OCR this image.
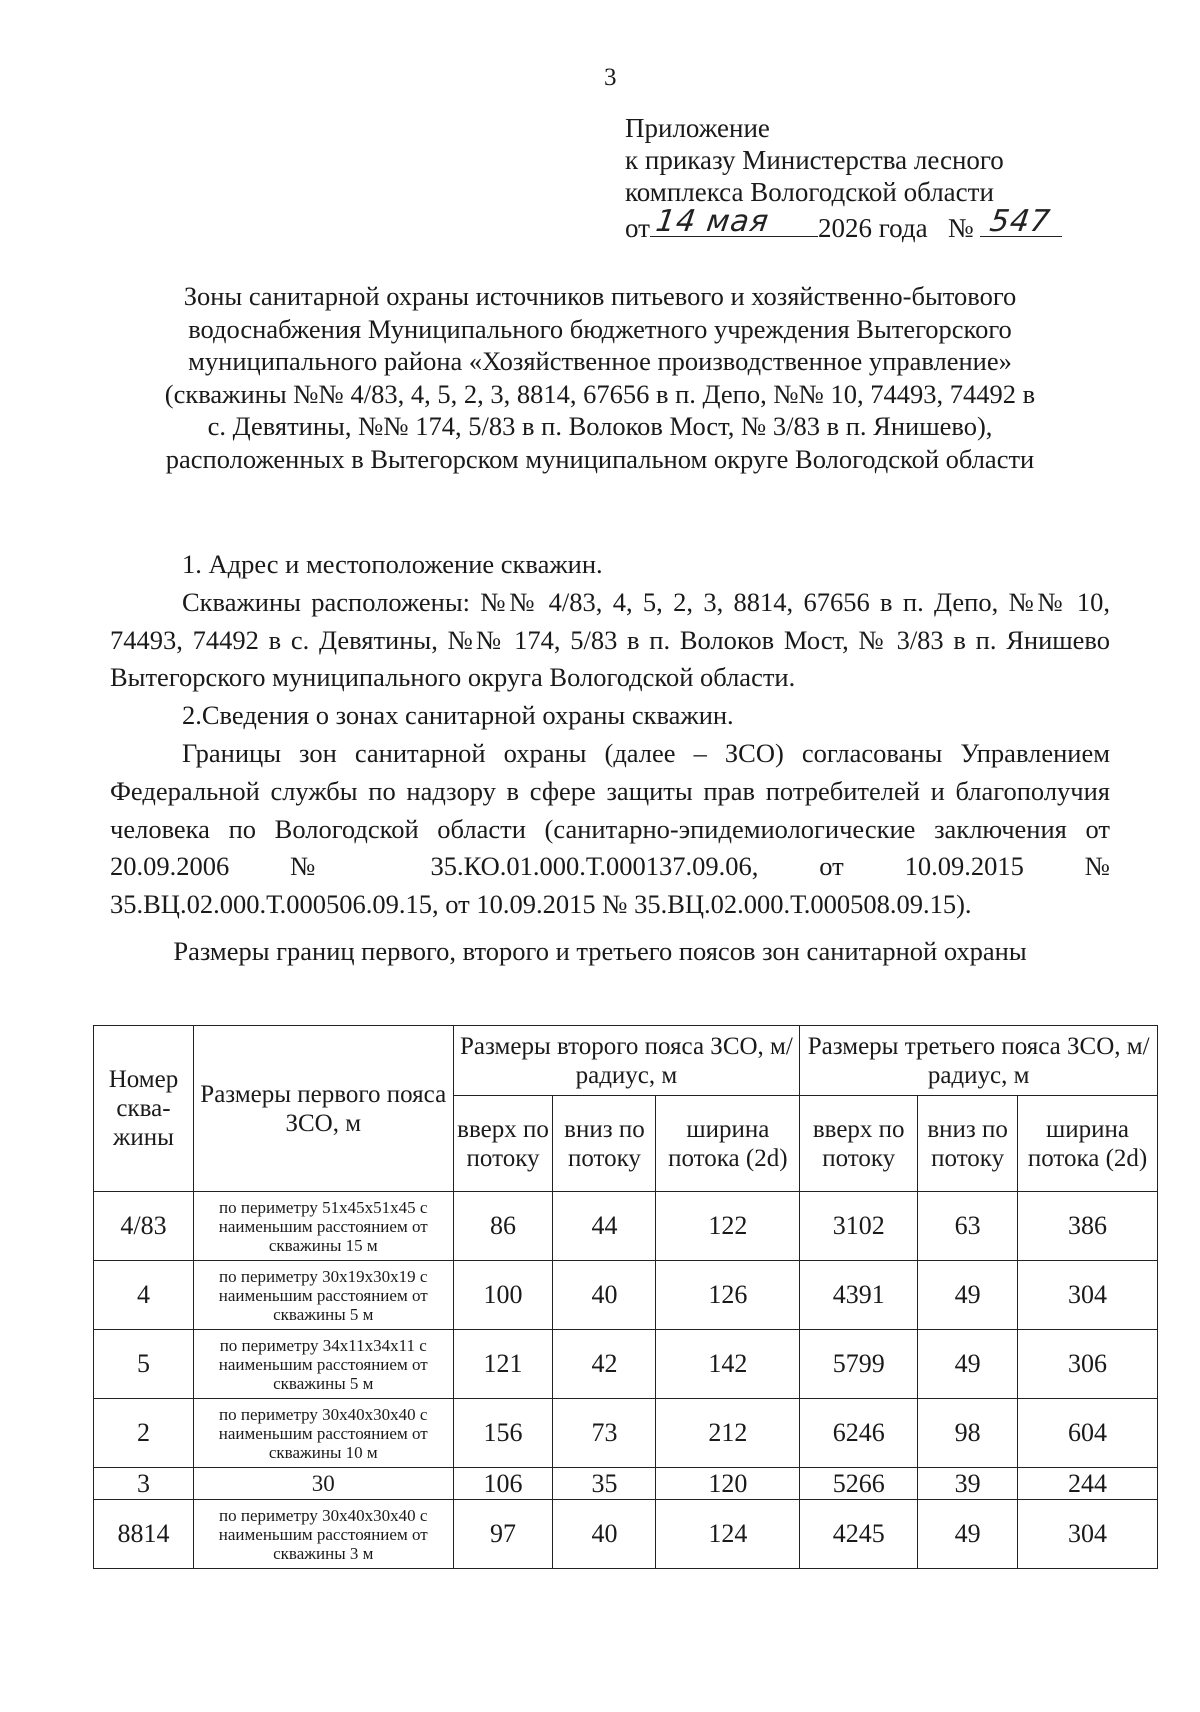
3
Приложение
к приказу Министерства лесного
комплекса Вологодской области
от 14 мая 2026 года № 547
Зоны санитарной охраны источников питьевого и хозяйственно-бытового
водоснабжения Муниципального бюджетного учреждения Вытегорского
муниципального района «Хозяйственное производственное управление»
(скважины №№ 4/83, 4, 5, 2, 3, 8814, 67656 в п. Депо, №№ 10, 74493, 74492 в
с. Девятины, №№ 174, 5/83 в п. Волоков Мост, № 3/83 в п. Янишево),
расположенных в Вытегорском муниципальном округе Вологодской области

1. Адрес и местоположение скважин.

Скважины расположены: №№ 4/83, 4, 5, 2, 3, 8814, 67656 в п. Депо, №№ 10, 74493, 74492 в с. Девятины, №№ 174, 5/83 в п. Волоков Мост, № 3/83 в п. Янишево Вытегорского муниципального округа Вологодской области.

2.Сведения о зонах санитарной охраны скважин.

Границы зон санитарной охраны (далее – ЗСО) согласованы Управлением Федеральной службы по надзору в сфере защиты прав потребителей и благополучия человека по Вологодской области (санитарно-эпидемиологические заключения от 20.09.2006 № 35.КО.01.000.Т.000137.09.06, от 10.09.2015 № 35.ВЦ.02.000.Т.000506.09.15, от 10.09.2015 № 35.ВЦ.02.000.Т.000508.09.15).

Размеры границ первого, второго и третьего поясов зон санитарной охраны
Номер сква- жины	Размеры первого пояса ЗСО, м	Размеры второго пояса ЗСО, м/радиус, м			Размеры третьего пояса ЗСО, м/радиус, м		
		вверх по потоку	вниз по потоку	ширина потока (2d)	вверх по потоку	вниз по потоку	ширина потока (2d)
4/83	по периметру 51х45х51х45 с наименьшим расстоянием от скважины 15 м	86	44	122	3102	63	386
4	по периметру 30х19х30х19 с наименьшим расстоянием от скважины 5 м	100	40	126	4391	49	304
5	по периметру 34х11х34х11 с наименьшим расстоянием от скважины 5 м	121	42	142	5799	49	306
2	по периметру 30х40х30х40 с наименьшим расстоянием от скважины 10 м	156	73	212	6246	98	604
3	30	106	35	120	5266	39	244
8814	по периметру 30х40х30х40 с наименьшим расстоянием от скважины 3 м	97	40	124	4245	49	304
